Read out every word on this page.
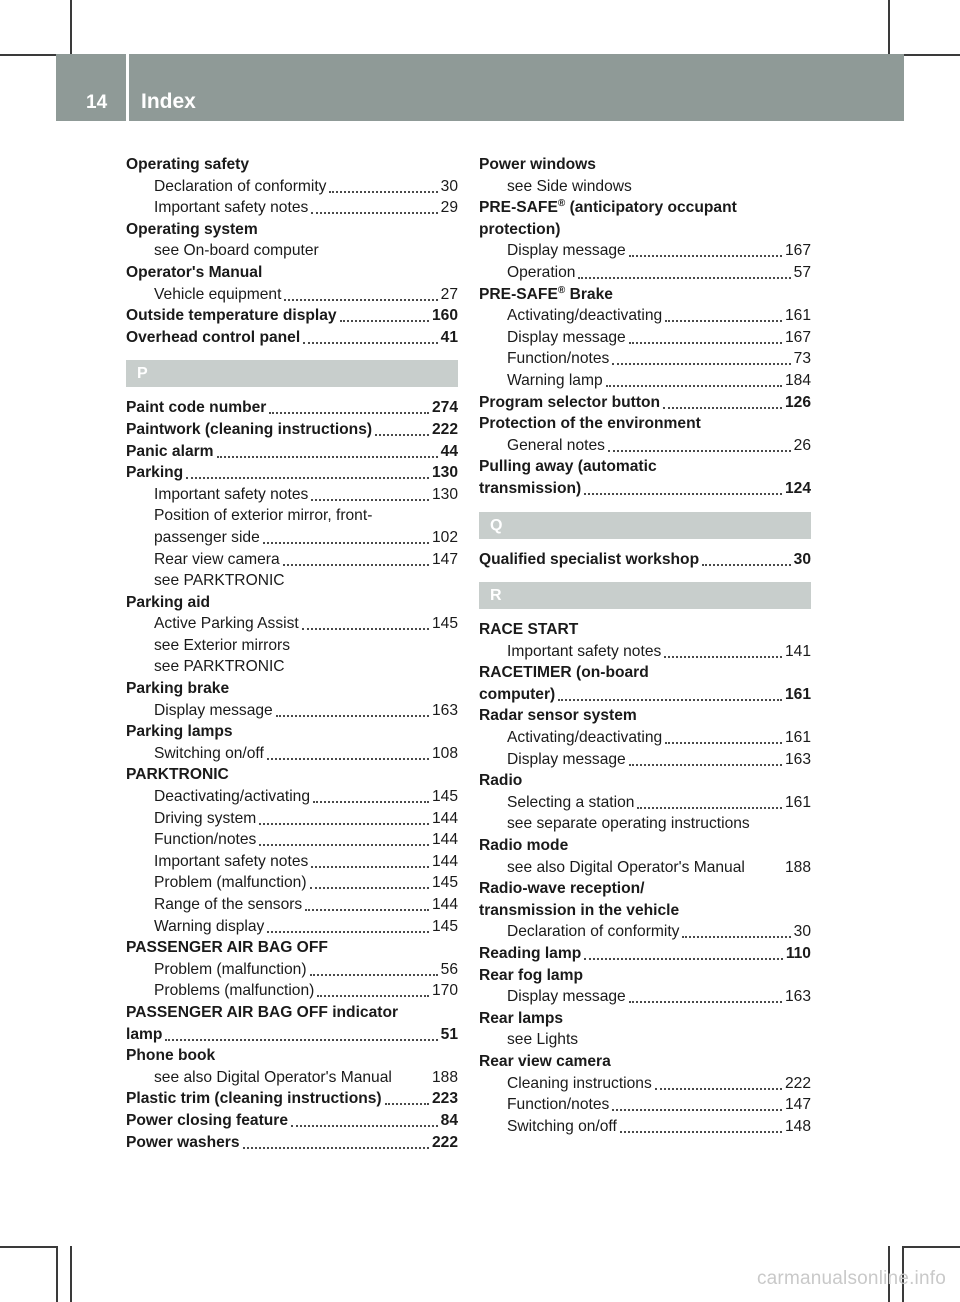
14 Index
Operating safety
Declaration of conformity	30
Important safety notes	29
Operating system
see On-board computer
Operator's Manual
Vehicle equipment	27
Outside temperature display	160
Overhead control panel	41
P
Paint code number	274
Paintwork (cleaning instructions)	222
Panic alarm	44
Parking	130
Important safety notes	130
Position of exterior mirror, front-
passenger side	102
Rear view camera	147
see PARKTRONIC
Parking aid
Active Parking Assist	145
see Exterior mirrors
see PARKTRONIC
Parking brake
Display message	163
Parking lamps
Switching on/off	108
PARKTRONIC
Deactivating/activating	145
Driving system	144
Function/notes	144
Important safety notes	144
Problem (malfunction)	145
Range of the sensors	144
Warning display	145
PASSENGER AIR BAG OFF
Problem (malfunction)	56
Problems (malfunction)	170
PASSENGER AIR BAG OFF indicator
lamp	51
Phone book
see also Digital Operator's Manual	188
Plastic trim (cleaning instructions)	223
Power closing feature	84
Power washers	222
Power windows
see Side windows
PRE-SAFE® (anticipatory occupant
protection)
Display message	167
Operation	57
PRE-SAFE® Brake
Activating/deactivating	161
Display message	167
Function/notes	73
Warning lamp	184
Program selector button	126
Protection of the environment
General notes	26
Pulling away (automatic
transmission)	124
Q
Qualified specialist workshop	30
R
RACE START
Important safety notes	141
RACETIMER (on-board
computer)	161
Radar sensor system
Activating/deactivating	161
Display message	163
Radio
Selecting a station	161
see separate operating instructions
Radio mode
see also Digital Operator's Manual	188
Radio-wave reception/
transmission in the vehicle
Declaration of conformity	30
Reading lamp	110
Rear fog lamp
Display message	163
Rear lamps
see Lights
Rear view camera
Cleaning instructions	222
Function/notes	147
Switching on/off	148
carmanualsonline.info
